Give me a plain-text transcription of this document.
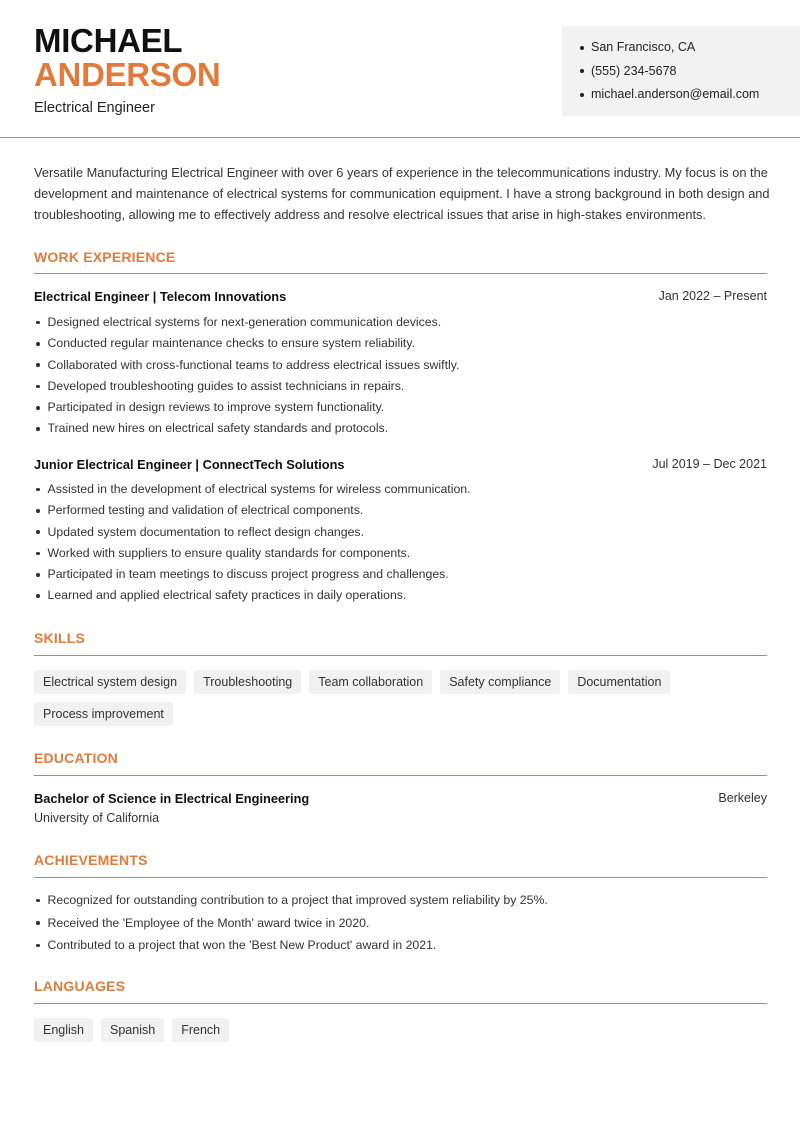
MICHAEL
ANDERSON
Electrical Engineer
San Francisco, CA
(555) 234-5678
michael.anderson@email.com

Versatile Manufacturing Electrical Engineer with over 6 years of experience in the telecommunications industry. My focus is on the development and maintenance of electrical systems for communication equipment. I have a strong background in both design and troubleshooting, allowing me to effectively address and resolve electrical issues that arise in high-stakes environments.

WORK EXPERIENCE
Electrical Engineer | Telecom Innovations	Jan 2022 – Present
Designed electrical systems for next-generation communication devices.
Conducted regular maintenance checks to ensure system reliability.
Collaborated with cross-functional teams to address electrical issues swiftly.
Developed troubleshooting guides to assist technicians in repairs.
Participated in design reviews to improve system functionality.
Trained new hires on electrical safety standards and protocols.
Junior Electrical Engineer | ConnectTech Solutions	Jul 2019 – Dec 2021
Assisted in the development of electrical systems for wireless communication.
Performed testing and validation of electrical components.
Updated system documentation to reflect design changes.
Worked with suppliers to ensure quality standards for components.
Participated in team meetings to discuss project progress and challenges.
Learned and applied electrical safety practices in daily operations.
SKILLS
Electrical system design	Troubleshooting	Team collaboration	Safety compliance	Documentation
Process improvement
EDUCATION
Bachelor of Science in Electrical Engineering	Berkeley
University of California
ACHIEVEMENTS
Recognized for outstanding contribution to a project that improved system reliability by 25%.
Received the 'Employee of the Month' award twice in 2020.
Contributed to a project that won the 'Best New Product' award in 2021.
LANGUAGES
English	Spanish	French
